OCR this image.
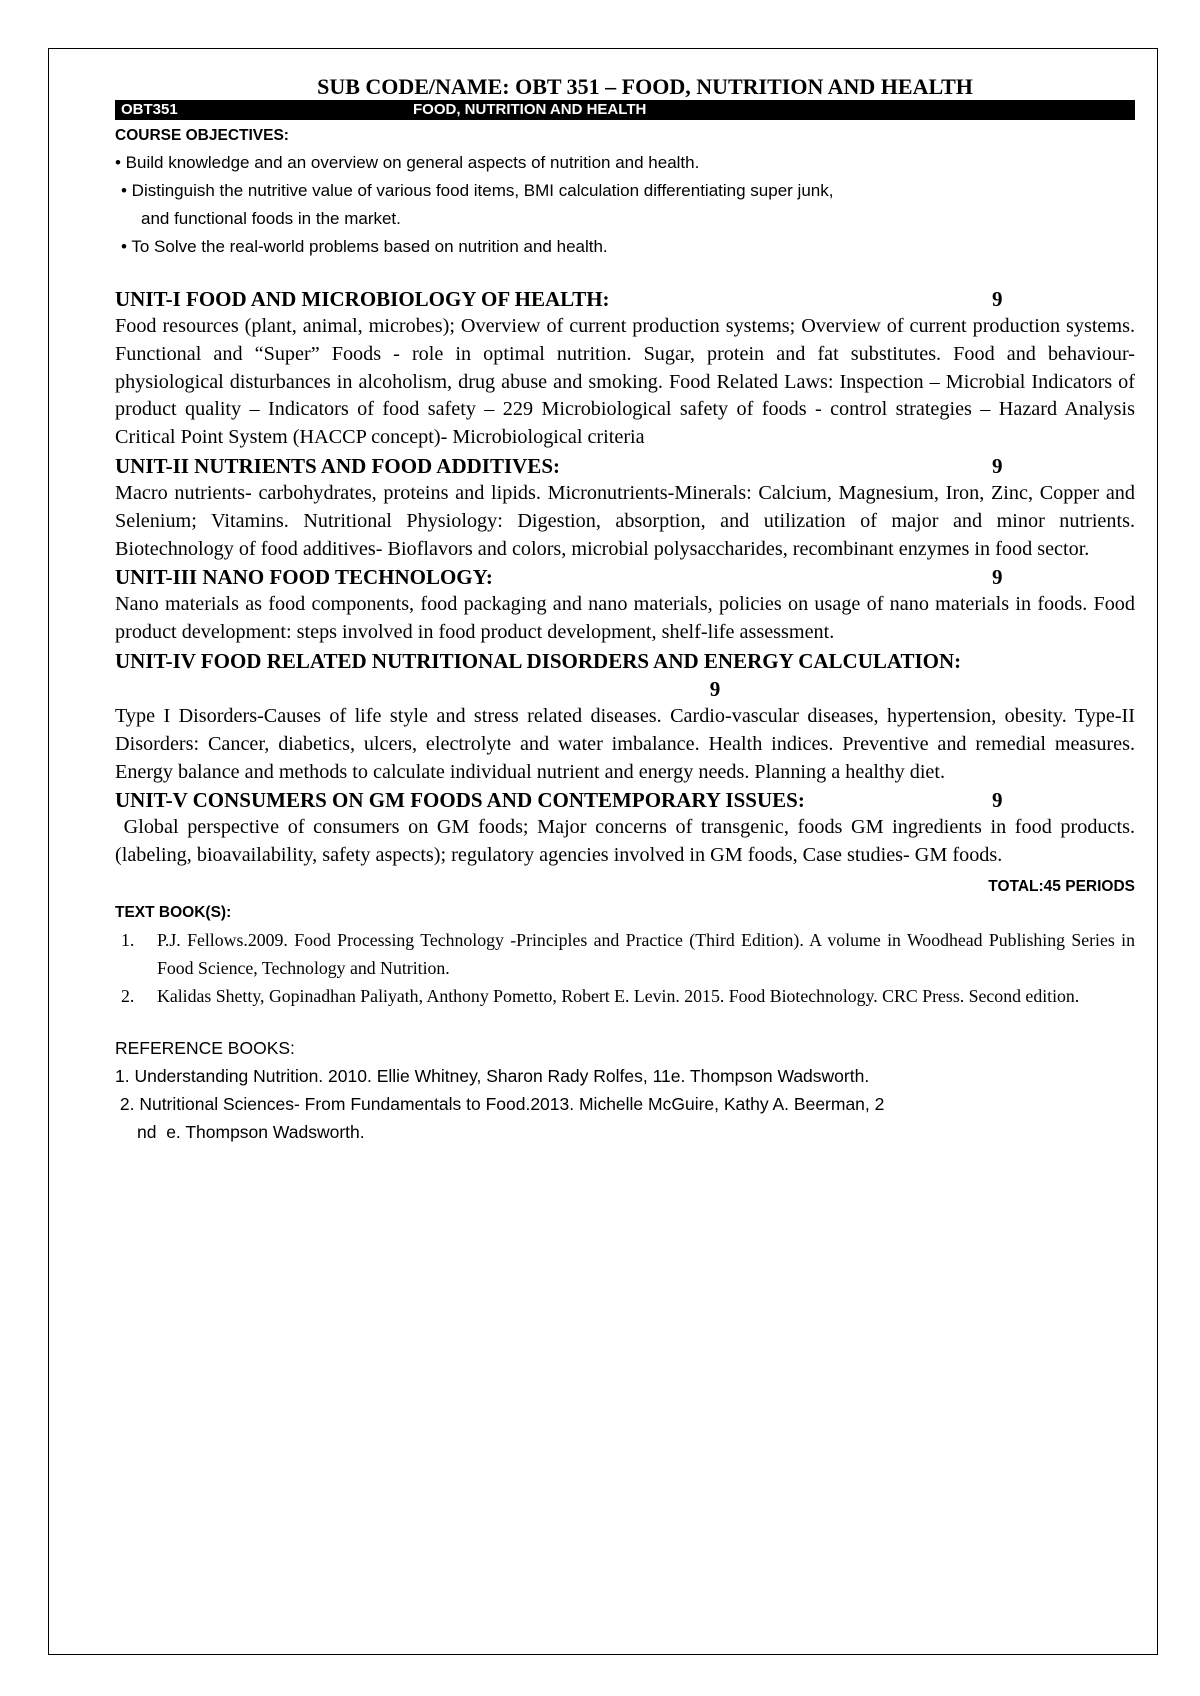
SUB CODE/NAME: OBT 351 – FOOD, NUTRITION AND HEALTH
OBT351	FOOD, NUTRITION AND HEALTH
COURSE OBJECTIVES:
• Build knowledge and an overview on general aspects of nutrition and health.
• Distinguish the nutritive value of various food items, BMI calculation differentiating super junk,
and functional foods in the market.
• To Solve the real-world problems based on nutrition and health.
UNIT-I FOOD AND MICROBIOLOGY OF HEALTH:	9
Food resources (plant, animal, microbes); Overview of current production systems; Overview of current production systems. Functional and “Super” Foods - role in optimal nutrition. Sugar, protein and fat substitutes. Food and behaviour- physiological disturbances in alcoholism, drug abuse and smoking. Food Related Laws: Inspection – Microbial Indicators of product quality – Indicators of food safety – 229 Microbiological safety of foods - control strategies – Hazard Analysis Critical Point System (HACCP concept)- Microbiological criteria
UNIT-II NUTRIENTS AND FOOD ADDITIVES:	9
Macro nutrients- carbohydrates, proteins and lipids. Micronutrients-Minerals: Calcium, Magnesium, Iron, Zinc, Copper and Selenium; Vitamins. Nutritional Physiology: Digestion, absorption, and utilization of major and minor nutrients. Biotechnology of food additives- Bioflavors and colors, microbial polysaccharides, recombinant enzymes in food sector.
UNIT-III NANO FOOD TECHNOLOGY:	9
Nano materials as food components, food packaging and nano materials, policies on usage of nano materials in foods. Food product development: steps involved in food product development, shelf-life assessment.
UNIT-IV FOOD RELATED NUTRITIONAL DISORDERS AND ENERGY CALCULATION:
9
Type I Disorders-Causes of life style and stress related diseases. Cardio-vascular diseases, hypertension, obesity. Type-II Disorders: Cancer, diabetics, ulcers, electrolyte and water imbalance. Health indices. Preventive and remedial measures. Energy balance and methods to calculate individual nutrient and energy needs. Planning a healthy diet.
UNIT-V CONSUMERS ON GM FOODS AND CONTEMPORARY ISSUES:	9
Global perspective of consumers on GM foods; Major concerns of transgenic, foods GM ingredients in food products. (labeling, bioavailability, safety aspects); regulatory agencies involved in GM foods, Case studies- GM foods.
TOTAL:45 PERIODS
TEXT BOOK(S):
1.	P.J. Fellows.2009. Food Processing Technology -Principles and Practice (Third Edition). A volume in Woodhead Publishing Series in Food Science, Technology and Nutrition.
2.	Kalidas Shetty, Gopinadhan Paliyath, Anthony Pometto, Robert E. Levin. 2015. Food Biotechnology. CRC Press. Second edition.
REFERENCE BOOKS:
1. Understanding Nutrition. 2010. Ellie Whitney, Sharon Rady Rolfes, 11e. Thompson Wadsworth.
2. Nutritional Sciences- From Fundamentals to Food.2013. Michelle McGuire, Kathy A. Beerman, 2
nd  e. Thompson Wadsworth.
